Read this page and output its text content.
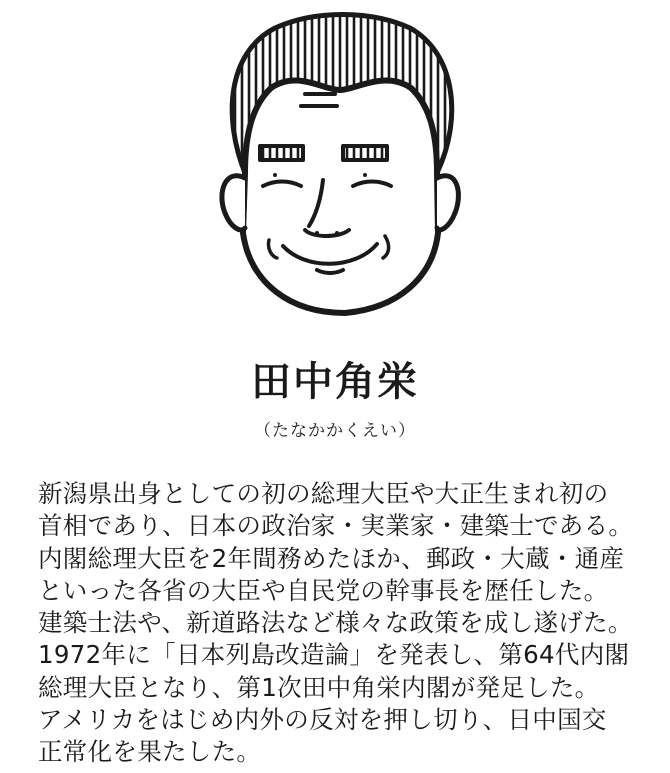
田中角栄
（たなかかくえい）
新潟県出身としての初の総理大臣や大正生まれ初の
首相であり、日本の政治家・実業家・建築士である。
内閣総理大臣を2年間務めたほか、郵政・大蔵・通産
といった各省の大臣や自民党の幹事長を歴任した。
建築士法や、新道路法など様々な政策を成し遂げた。
1972年に「日本列島改造論」を発表し、第64代内閣
総理大臣となり、第1次田中角栄内閣が発足した。
アメリカをはじめ内外の反対を押し切り、日中国交
正常化を果たした。
